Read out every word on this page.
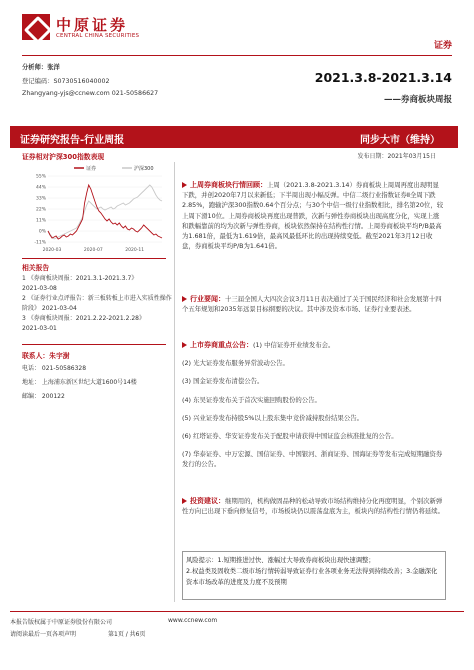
中原证券
CENTRAL CHINA SECURITIES
证券
分析师：张洋
登记编码：S0730516040002
Zhangyang-yjs@ccnew.com 021-50586627
2021.3.8-2021.3.14
——券商板块周报
证券研究报告-行业周报	同步大市（维持）
证券相对沪深300指数表现	发布日期：2021年03月15日
55%
44%
33%
22%
11%
0%
-11%
2020-03	2020-07	2020-11
证券	沪深300
相关报告
1 《券商板块周报：2021.3.1-2021.3.7》
2021-03-08
2 《证券行业点评报告：新三板转板上市进入实质性操作阶段》 2021-03-04
3 《券商板块周报：2021.2.22-2021.2.28》
2021-03-01
联系人：朱宇澍
电话： 021-50586328
地址： 上海浦东新区世纪大道1600号14楼
邮编： 200122
上周券商板块行情回顾：上周（2021.3.8-2021.3.14）券商板块上周周再度出现明显下跌，并创2020年7月以来新低；下半周出现小幅反弹。中信二级行业指数证券Ⅱ全周下跌2.85%，跑输沪深300指数0.64个百分点；与30个中信一级行业指数相比，排名第20位，较上周下滑10位。上周券商板块再度出现普跌，次新与弹性券商板块出现高度分化，实现上涨和跌幅靠前的均为次新与弹性券商，板块依然保持在结构性行情。上周券商板块平均P/B最高为1.681倍，最低为1.619倍，最高风最低环比的出现持续变低。截至2021年3月12日收盘，券商板块平均P/B为1.641倍。
行业要闻：十三届全国人大四次会议3月11日表决通过了关于国民经济和社会发展第十四个五年规划和2035年远景目标纲要的决议。其中涉及资本市场、证券行业要表述。
上市券商重点公告：(1) 中信证券开业绩发布会。
(2) 光大证券发布服务异常波动公告。
(3) 国金证券发布清偿公告。
(4) 东吴证券发布关于首次实施回购股份的公告。
(5) 兴业证券发布持股5%以上股东集中竞价减持股份结果公告。
(6) 红塔证券、华安证券发布关于配股申请获得中国证监会核准批复的公告。
(7) 华泰证券、中万宏源、国信证券、中国银河、浙商证券、国海证券等发布完成短期融资券发行的公告。
投资建议：继期用的，机构做固品种的松动导致市场结构维持分化再度明显，个别次新弹性方向已出现下垂向修复信号，市场板块仍以震荡盘底为主，板块内的结构性行情仍将延续。
风险提示：1.短期推进过快、涨幅过大导致券商板块出现快速调整；
2.权益类及固收类二级市场行情转弱导致证券行业各项业务无法得到持续改善；3.金融深化资本市场改革的进度及力度不及预期
本报告版权属于中原证券股份有限公司	www.ccnew.com
请阅读最后一页各项声明	第1页 / 共6页
